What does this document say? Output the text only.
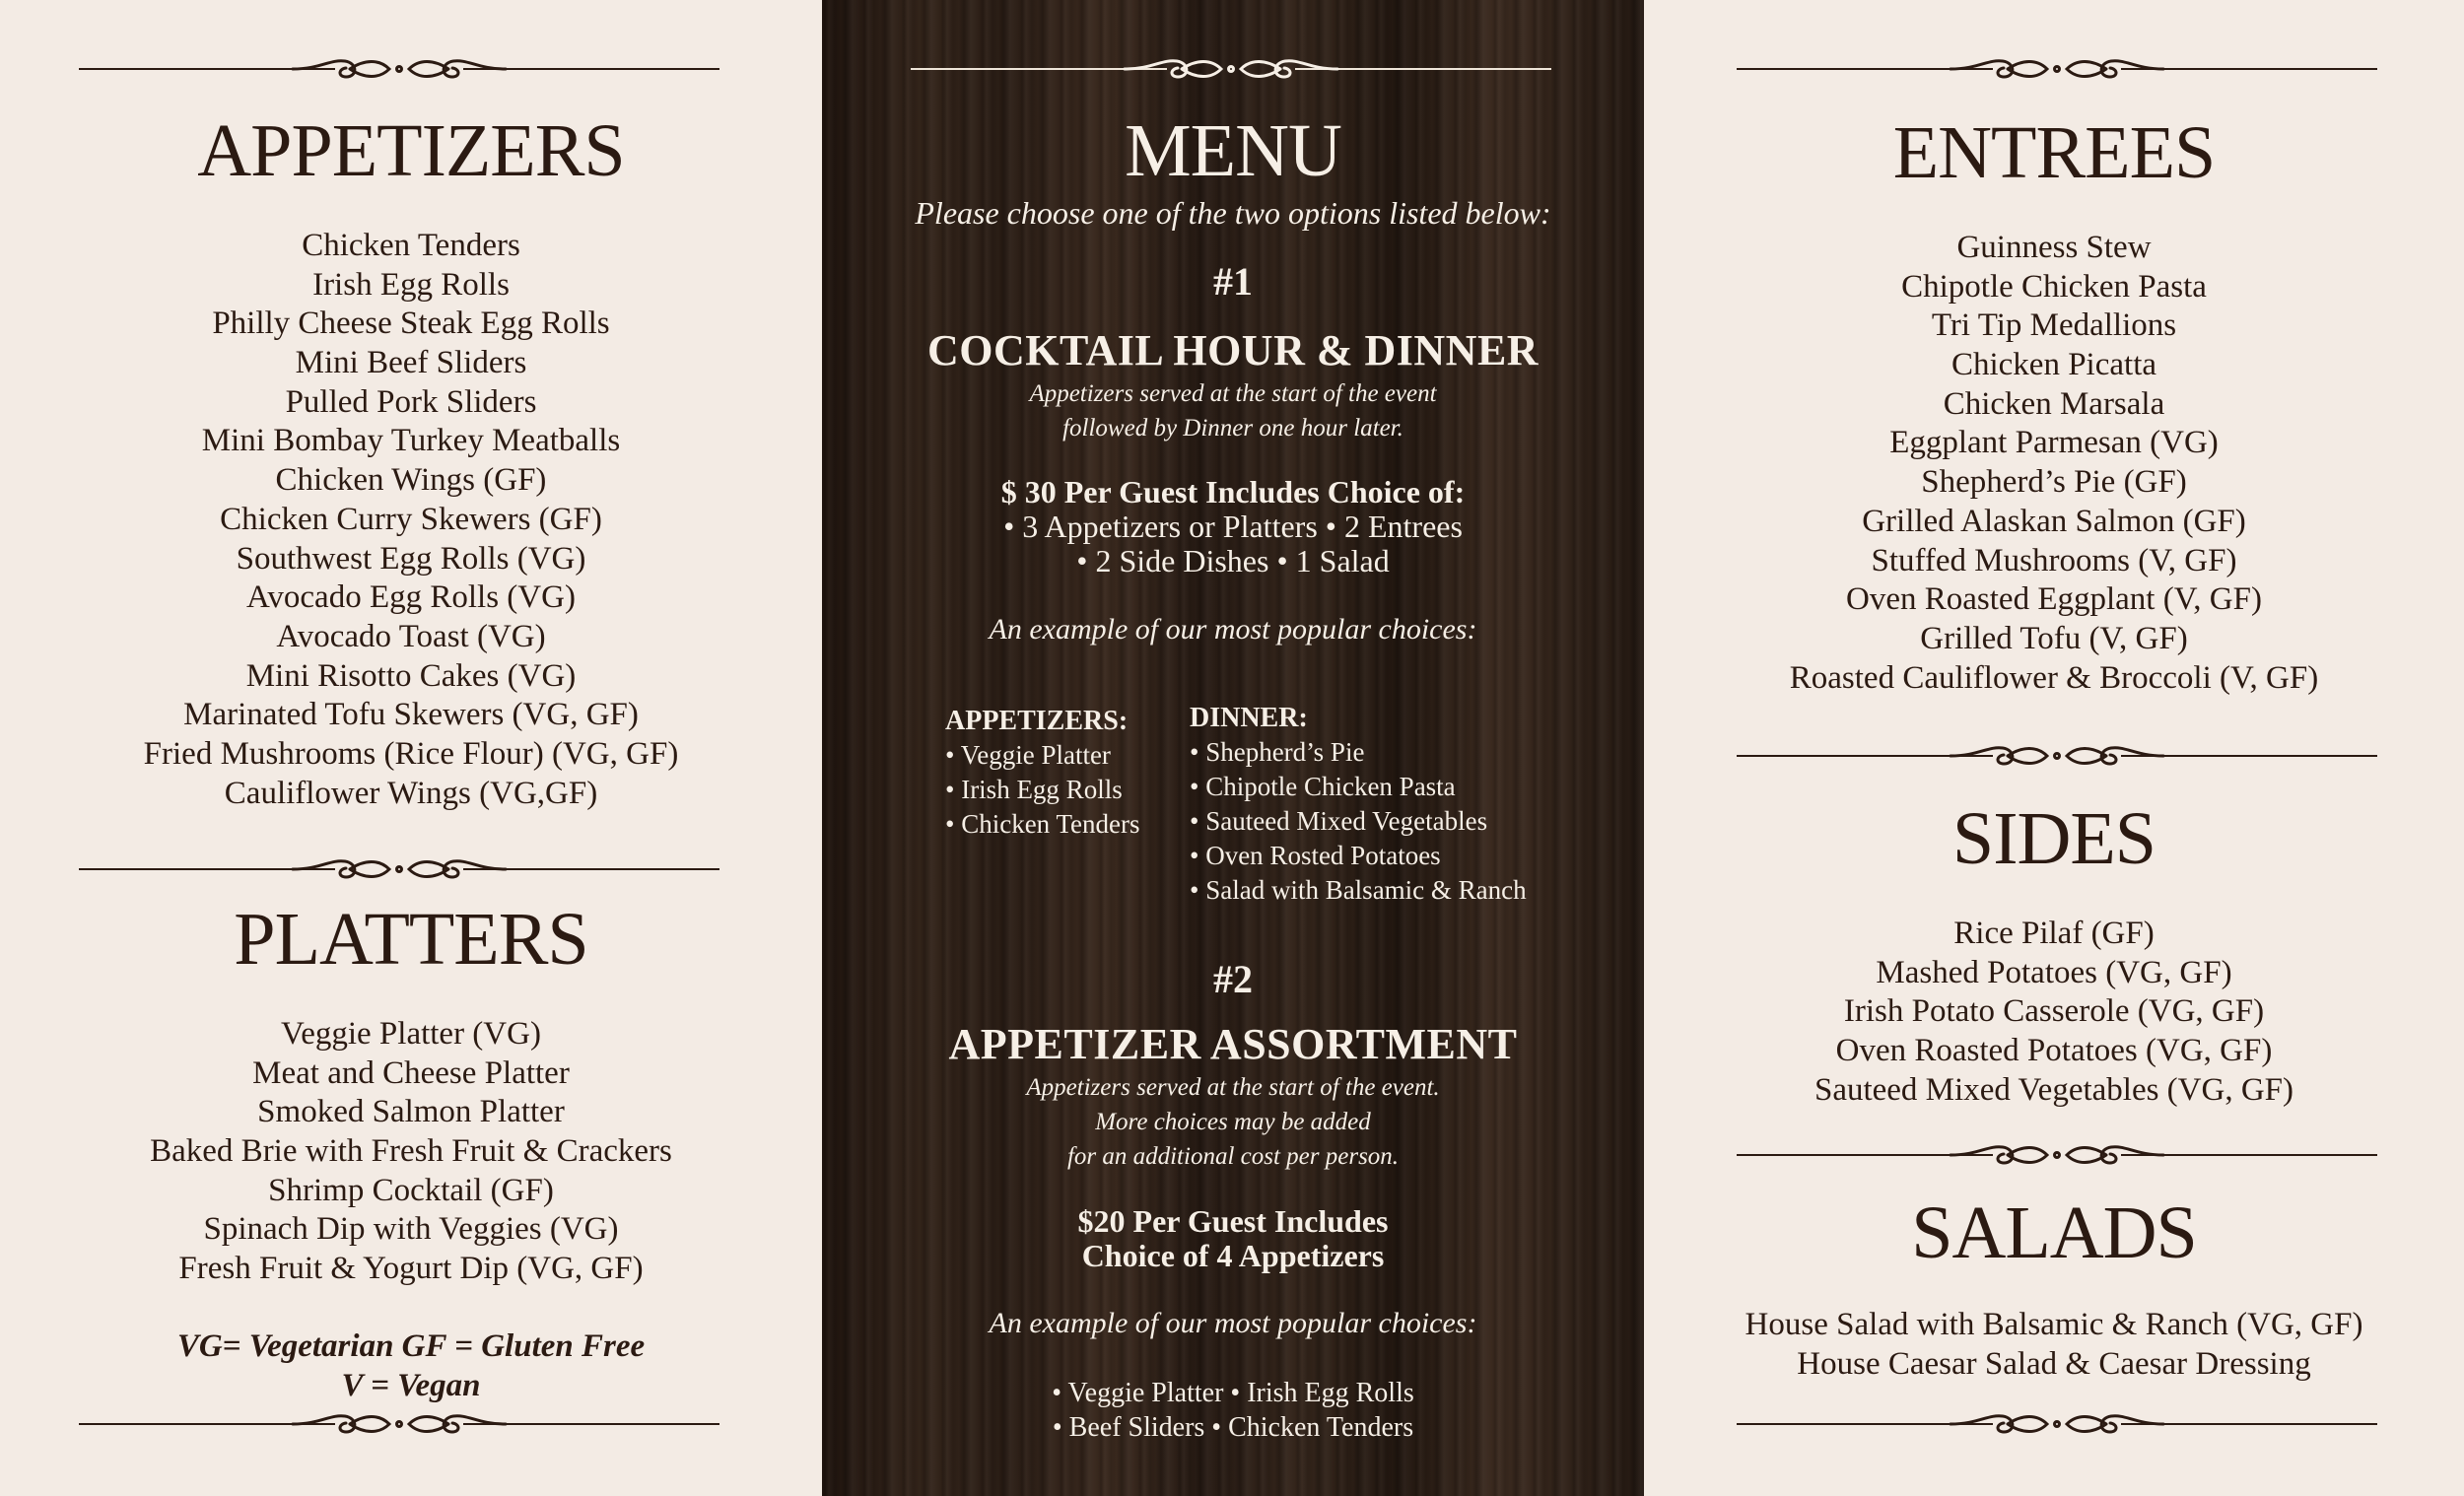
APPETIZERS
Chicken Tenders
Irish Egg Rolls
Philly Cheese Steak Egg Rolls
Mini Beef Sliders
Pulled Pork Sliders
Mini Bombay Turkey Meatballs
Chicken Wings (GF)
Chicken Curry Skewers (GF)
Southwest Egg Rolls (VG)
Avocado Egg Rolls (VG)
Avocado Toast (VG)
Mini Risotto Cakes (VG)
Marinated Tofu Skewers (VG, GF)
Fried Mushrooms (Rice Flour) (VG, GF)
Cauliflower Wings (VG,GF)
PLATTERS
Veggie Platter (VG)
Meat and Cheese Platter
Smoked Salmon Platter
Baked Brie with Fresh Fruit & Crackers
Shrimp Cocktail (GF)
Spinach Dip with Veggies (VG)
Fresh Fruit & Yogurt Dip (VG, GF)
VG= Vegetarian GF = Gluten Free
V = Vegan
MENU
Please choose one of the two options listed below:
#1
COCKTAIL HOUR & DINNER
Appetizers served at the start of the event
followed by Dinner one hour later.
$ 30 Per Guest Includes Choice of:
• 3 Appetizers or Platters • 2 Entrees
• 2 Side Dishes • 1 Salad
An example of our most popular choices:
APPETIZERS:
• Veggie Platter
• Irish Egg Rolls
• Chicken Tenders
DINNER:
• Shepherd’s Pie
• Chipotle Chicken Pasta
• Sauteed Mixed Vegetables
• Oven Rosted Potatoes
• Salad with Balsamic & Ranch
#2
APPETIZER ASSORTMENT
Appetizers served at the start of the event.
More choices may be added
for an additional cost per person.
$20 Per Guest Includes
Choice of 4 Appetizers
An example of our most popular choices:
• Veggie Platter • Irish Egg Rolls
• Beef Sliders • Chicken Tenders
ENTREES
Guinness Stew
Chipotle Chicken Pasta
Tri Tip Medallions
Chicken Picatta
Chicken Marsala
Eggplant Parmesan (VG)
Shepherd’s Pie (GF)
Grilled Alaskan Salmon (GF)
Stuffed Mushrooms (V, GF)
Oven Roasted Eggplant (V, GF)
Grilled Tofu (V, GF)
Roasted Cauliflower & Broccoli (V, GF)
SIDES
Rice Pilaf (GF)
Mashed Potatoes (VG, GF)
Irish Potato Casserole (VG, GF)
Oven Roasted Potatoes (VG, GF)
Sauteed Mixed Vegetables (VG, GF)
SALADS
House Salad with Balsamic & Ranch (VG, GF)
House Caesar Salad & Caesar Dressing
